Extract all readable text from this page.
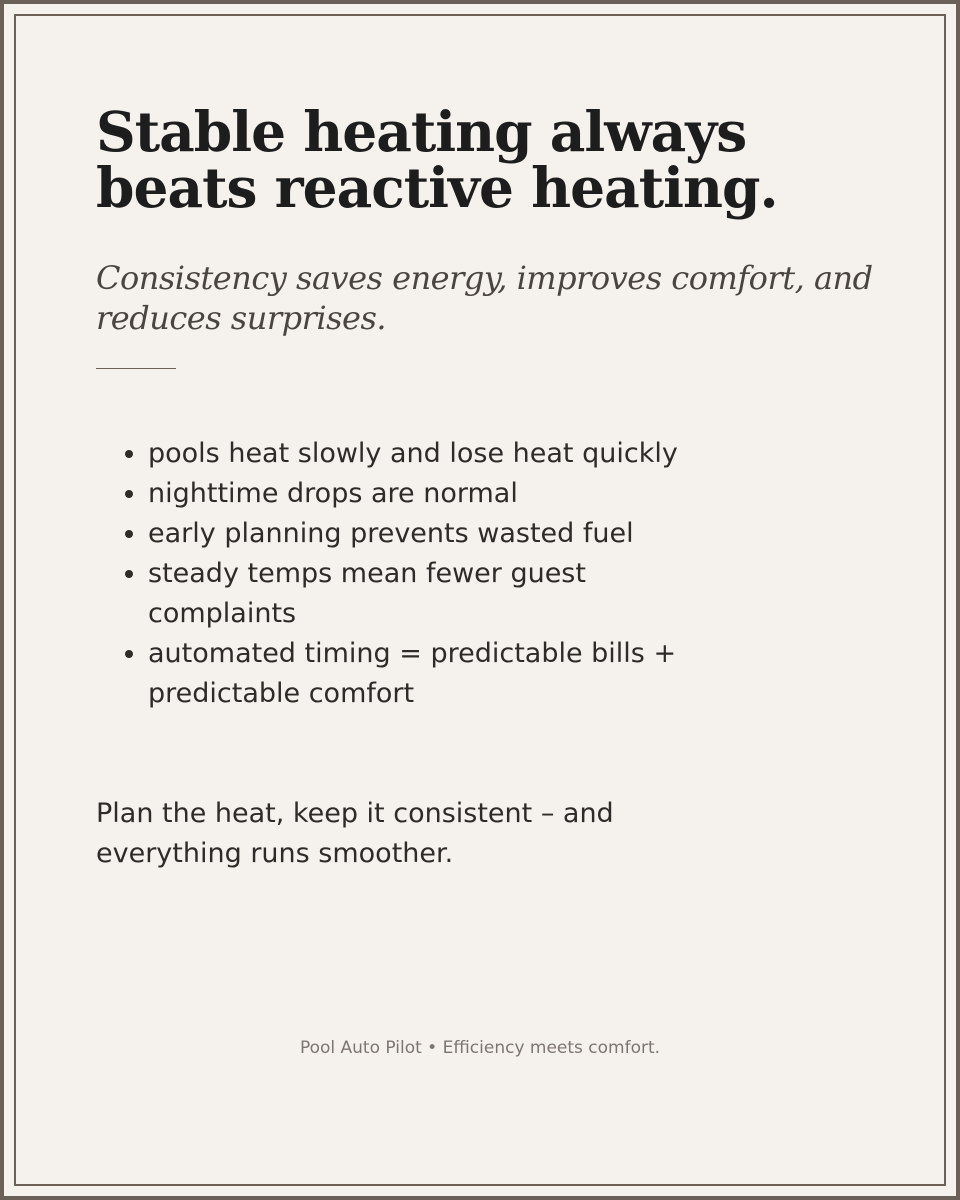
Stable heating always beats reactive heating.

Consistency saves energy, improves comfort, and reduces surprises.

• pools heat slowly and lose heat quickly
• nighttime drops are normal
• early planning prevents wasted fuel
• steady temps mean fewer guest complaints
• automated timing = predictable bills + predictable comfort

Plan the heat, keep it consistent – and everything runs smoother.

Pool Auto Pilot • Efficiency meets comfort.
